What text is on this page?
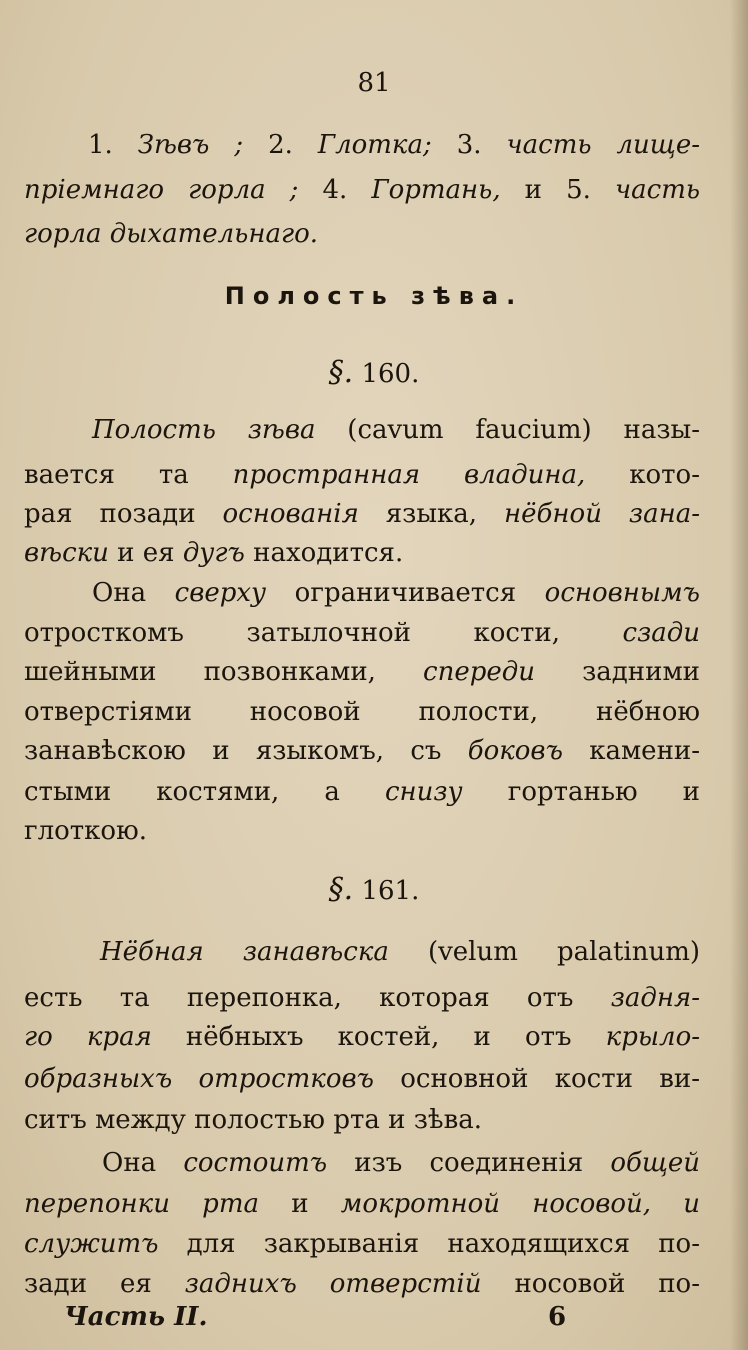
81

1. Зѣвъ ; 2. Глотка; 3. часть лище-

пріемнаго горла ; 4. Гортань, и 5. часть

горла дыхательнаго.

Полость зѣва.
§. 160.

Полость зѣва (cavum faucium) назы-

вается та пространная владина, кото-

рая позади основанія языка, нёбной зана-

вѣски и ея дугъ находится.

Она сверху ограничивается основнымъ

отросткомъ затылочной кости, сзади

шейными позвонками, спереди задними

отверстіями носовой полости, нёбною

занавѣскою и языкомъ, съ боковъ камени-

стыми костями, а снизу гортанью и

глоткою.

§. 161.

Нёбная занавѣска (velum palatinum)

есть та перепонка, которая отъ задня-

го края нёбныхъ костей, и отъ крыло-

образныхъ отростковъ основной кости ви-

ситъ между полостью рта и зѣва.

Она состоитъ изъ соединенія общей

перепонки рта и мокротной носовой, и

служитъ для закрыванія находящихся по-

зади ея заднихъ отверстій носовой по-

Часть II.	6
